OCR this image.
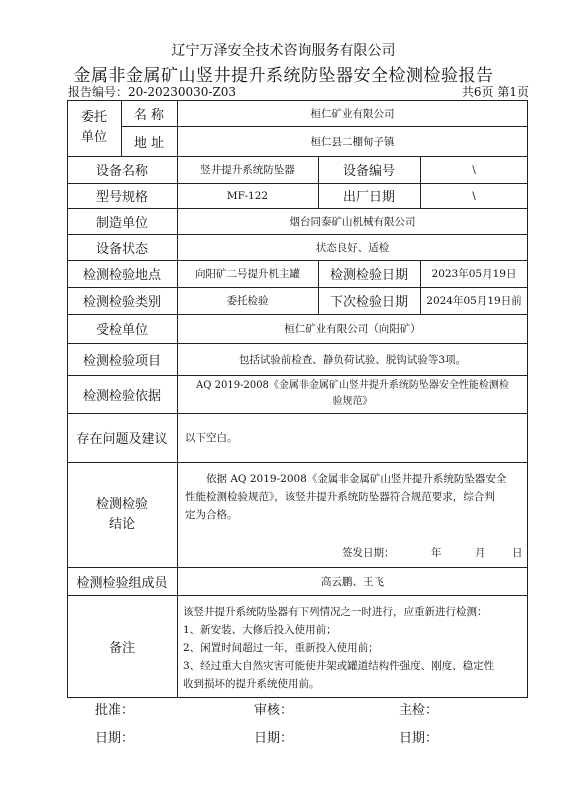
辽宁万泽安全技术咨询服务有限公司
金属非金属矿山竖井提升系统防坠器安全检测检验报告
报告编号：20-20230030-Z03	共6页 第1页
委托
单位
名 称	桓仁矿业有限公司
地 址	桓仁县二棚甸子镇
设备名称	竖井提升系统防坠器	设备编号	\
型号规格	MF-122	出厂日期	\
制造单位	烟台同泰矿山机械有限公司
设备状态	状态良好、适检
检测检验地点	向阳矿二号提升机主罐	检测检验日期	2023年05月19日
检测检验类别	委托检验	下次检验日期	2024年05月19日前
受检单位	桓仁矿业有限公司（向阳矿）
检测检验项目	包括试验前检查、静负荷试验、脱钩试验等3项。
检测检验依据
AQ 2019-2008《金属非金属矿山竖井提升系统防坠器安全性能检测检
验规范》
存在问题及建议	以下空白。
检测检验
结论
依据 AQ 2019-2008《金属非金属矿山竖井提升系统防坠器安全
性能检测检验规范》，该竖井提升系统防坠器符合规范要求，综合判
定为合格。
签发日期：	年	月	日
检测检验组成员	高云鹏、王飞
备注
该竖井提升系统防坠器有下列情况之一时进行，应重新进行检测：
1、新安装、大修后投入使用前；
2、闲置时间超过一年，重新投入使用前；
3、经过重大自然灾害可能使井架或罐道结构件强度、刚度、稳定性
收到损坏的提升系统使用前。
批准：	审核：	主检：
日期：	日期：	日期：
